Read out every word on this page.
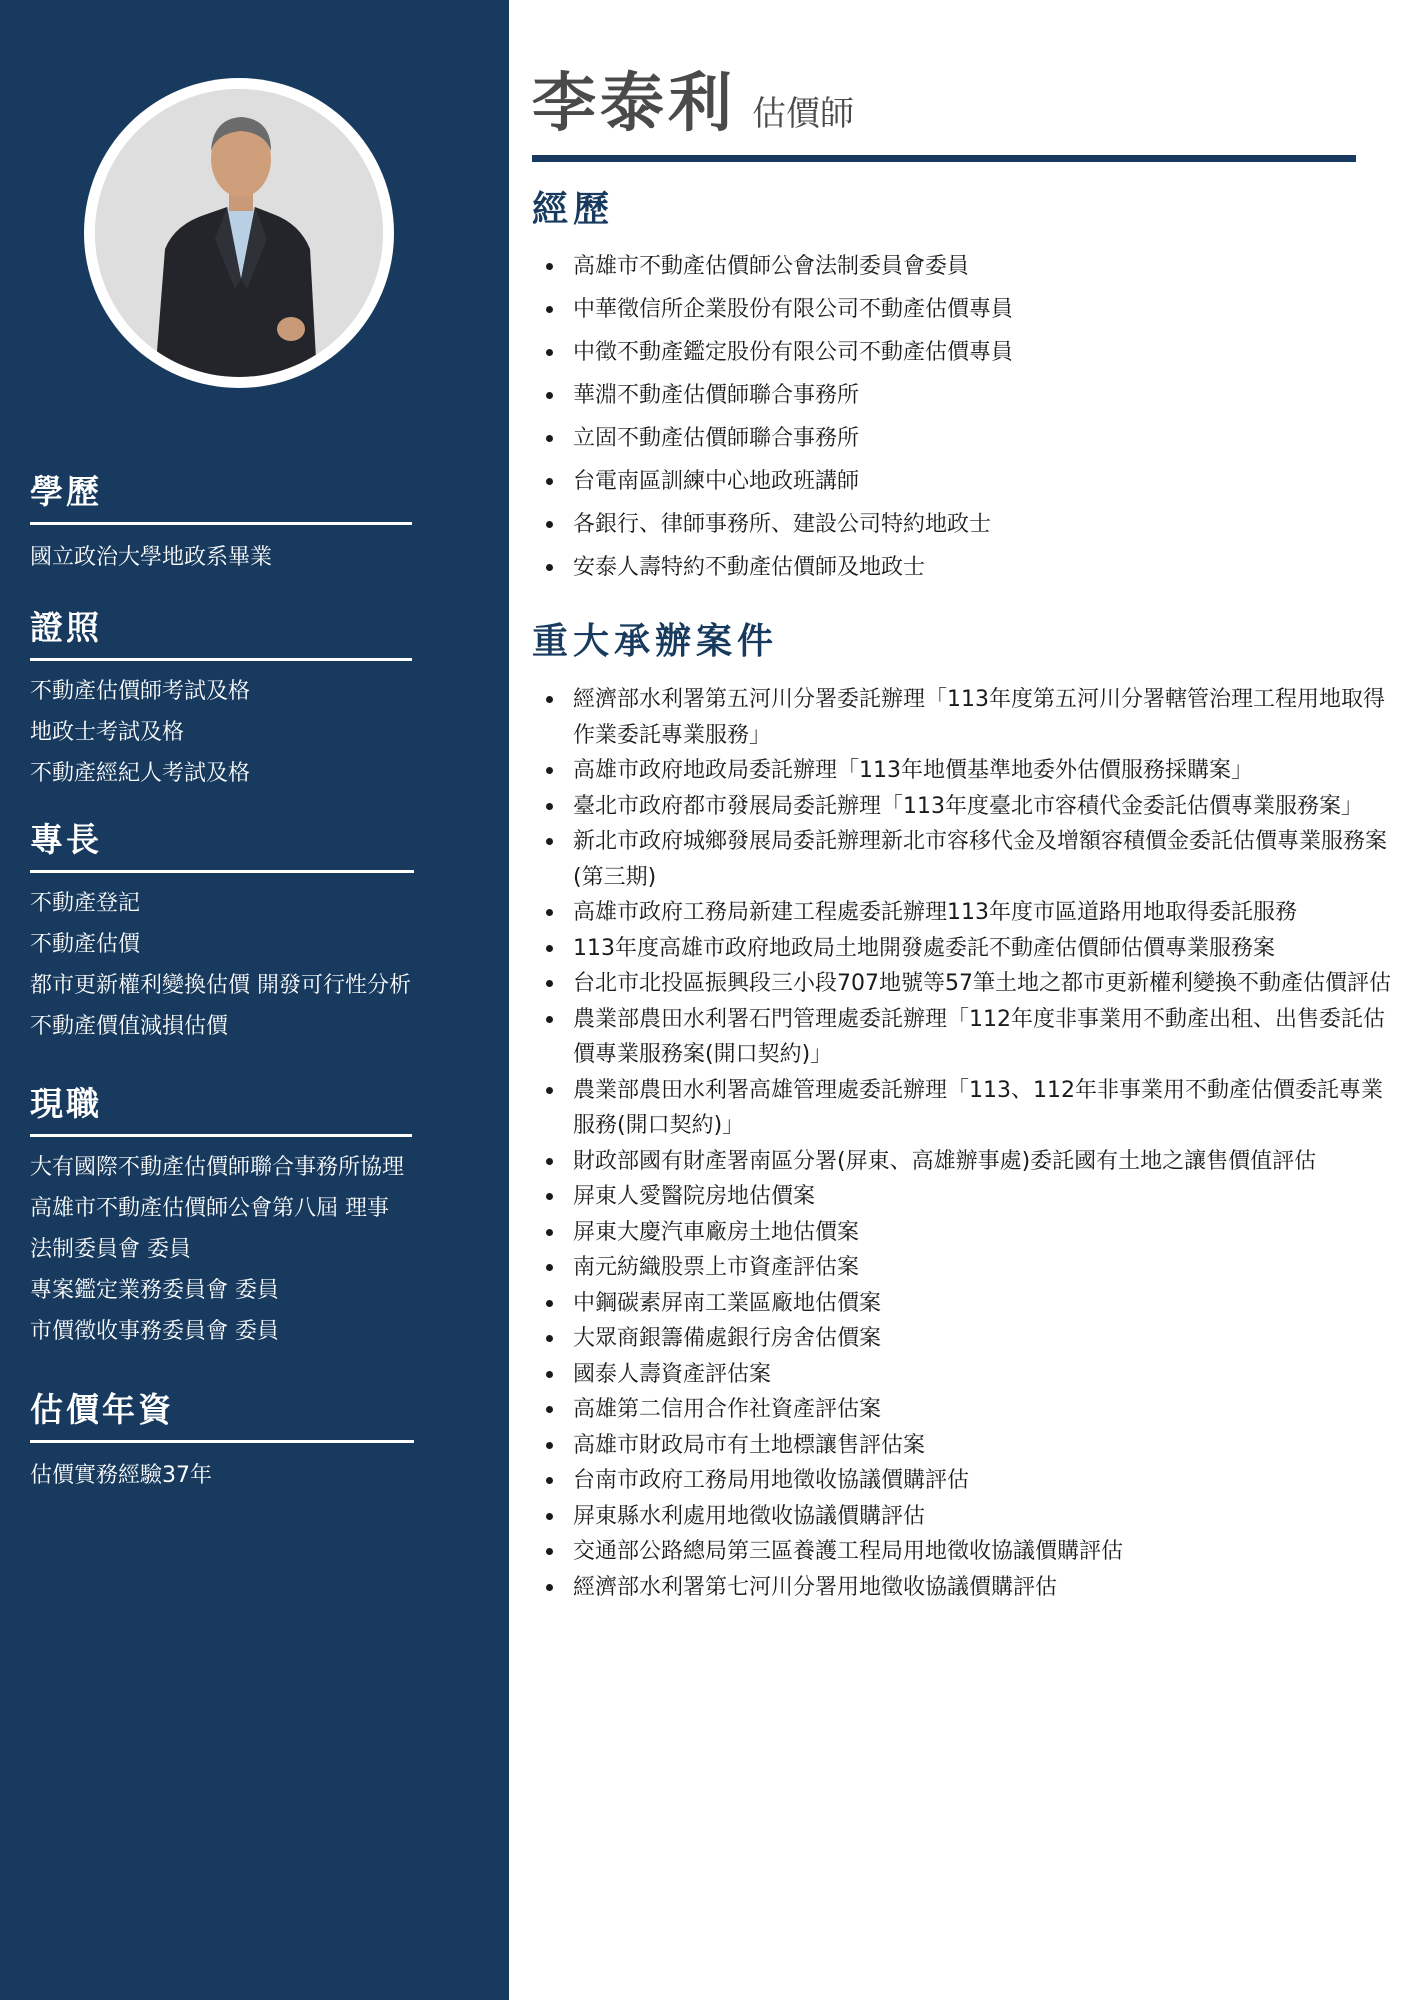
學歷
國立政治大學地政系畢業
證照
不動產估價師考試及格
地政士考試及格
不動產經紀人考試及格
專長
不動產登記
不動產估價
都市更新權利變換估價 開發可行性分析
不動產價值減損估價
現職
大有國際不動產估價師聯合事務所協理
高雄市不動產估價師公會第八屆 理事
法制委員會 委員
專案鑑定業務委員會 委員
市價徵收事務委員會 委員
估價年資
估價實務經驗37年
李泰利 估價師
經歷
高雄市不動產估價師公會法制委員會委員
中華徵信所企業股份有限公司不動產估價專員
中徵不動產鑑定股份有限公司不動產估價專員
華淵不動產估價師聯合事務所
立固不動產估價師聯合事務所
台電南區訓練中心地政班講師
各銀行、律師事務所、建設公司特約地政士
安泰人壽特約不動產估價師及地政士
重大承辦案件
經濟部水利署第五河川分署委託辦理「113年度第五河川分署轄管治理工程用地取得作業委託專業服務」
高雄市政府地政局委託辦理「113年地價基準地委外估價服務採購案」
臺北市政府都市發展局委託辦理「113年度臺北市容積代金委託估價專業服務案」
新北市政府城鄉發展局委託辦理新北市容移代金及增額容積價金委託估價專業服務案(第三期)
高雄市政府工務局新建工程處委託辦理113年度市區道路用地取得委託服務
113年度高雄市政府地政局土地開發處委託不動產估價師估價專業服務案
台北市北投區振興段三小段707地號等57筆土地之都市更新權利變換不動產估價評估
農業部農田水利署石門管理處委託辦理「112年度非事業用不動產出租、出售委託估價專業服務案(開口契約)」
農業部農田水利署高雄管理處委託辦理「113、112年非事業用不動產估價委託專業服務(開口契約)」
財政部國有財產署南區分署(屏東、高雄辦事處)委託國有土地之讓售價值評估
屏東人愛醫院房地估價案
屏東大慶汽車廠房土地估價案
南元紡織股票上市資產評估案
中鋼碳素屏南工業區廠地估價案
大眾商銀籌備處銀行房舍估價案
國泰人壽資產評估案
高雄第二信用合作社資產評估案
高雄市財政局市有土地標讓售評估案
台南市政府工務局用地徵收協議價購評估
屏東縣水利處用地徵收協議價購評估
交通部公路總局第三區養護工程局用地徵收協議價購評估
經濟部水利署第七河川分署用地徵收協議價購評估
